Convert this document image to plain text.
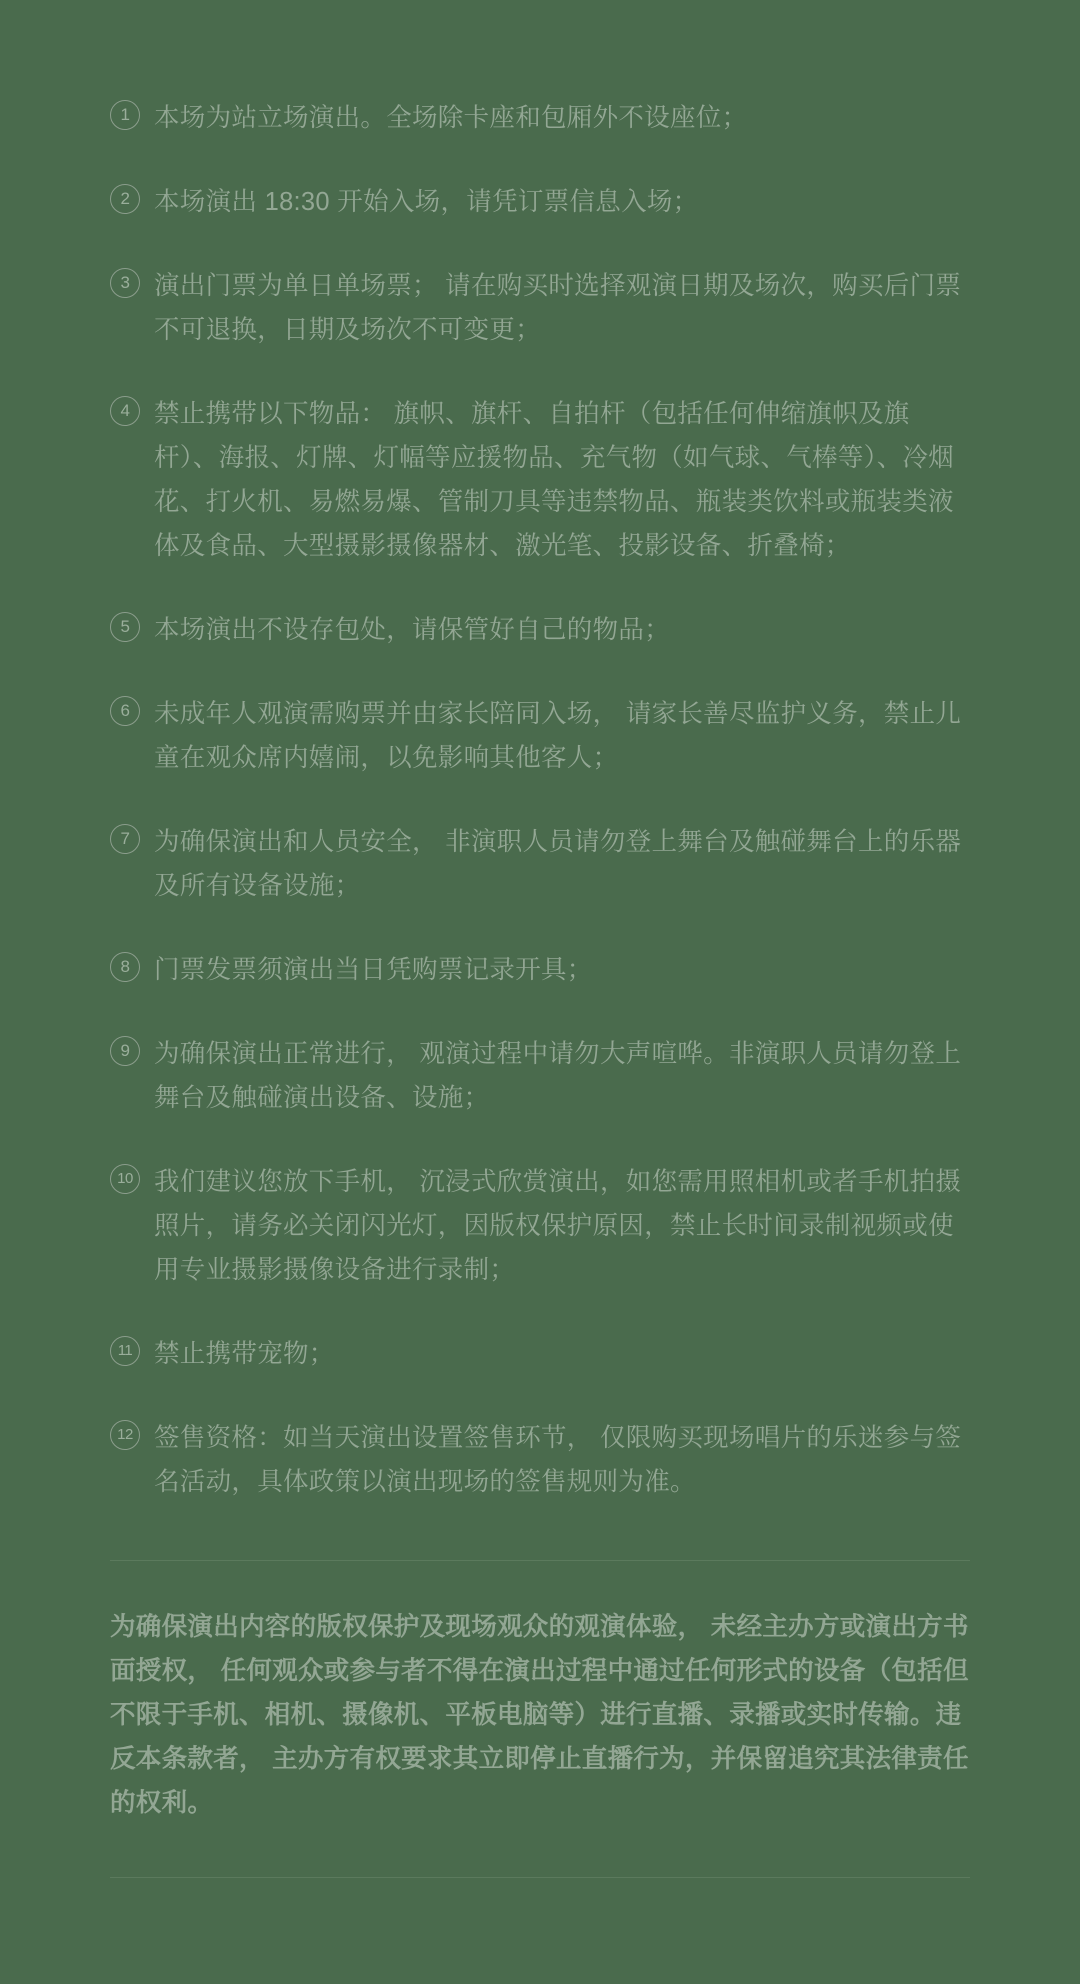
1 本场为站立场演出。全场除卡座和包厢外不设座位；
2 本场演出 18:30 开始入场，请凭订票信息入场；
3 演出门票为单日单场票； 请在购买时选择观演日期及场次，购买后门票不可退换，日期及场次不可变更；
4 禁止携带以下物品： 旗帜、旗杆、自拍杆（包括任何伸缩旗帜及旗杆）、海报、灯牌、灯幅等应援物品、充气物（如气球、气棒等）、冷烟花、打火机、易燃易爆、管制刀具等违禁物品、瓶装类饮料或瓶装类液体及食品、大型摄影摄像器材、激光笔、投影设备、折叠椅；
5 本场演出不设存包处，请保管好自己的物品；
6 未成年人观演需购票并由家长陪同入场， 请家长善尽监护义务，禁止儿童在观众席内嬉闹，以免影响其他客人；
7 为确保演出和人员安全， 非演职人员请勿登上舞台及触碰舞台上的乐器及所有设备设施；
8 门票发票须演出当日凭购票记录开具；
9 为确保演出正常进行， 观演过程中请勿大声喧哗。非演职人员请勿登上舞台及触碰演出设备、设施；
10 我们建议您放下手机， 沉浸式欣赏演出，如您需用照相机或者手机拍摄照片，请务必关闭闪光灯，因版权保护原因，禁止长时间录制视频或使用专业摄影摄像设备进行录制；
11 禁止携带宠物；
12 签售资格：如当天演出设置签售环节， 仅限购买现场唱片的乐迷参与签名活动，具体政策以演出现场的签售规则为准。
为确保演出内容的版权保护及现场观众的观演体验， 未经主办方或演出方书面授权， 任何观众或参与者不得在演出过程中通过任何形式的设备（包括但不限于手机、相机、摄像机、平板电脑等）进行直播、录播或实时传输。违反本条款者， 主办方有权要求其立即停止直播行为，并保留追究其法律责任的权利。
